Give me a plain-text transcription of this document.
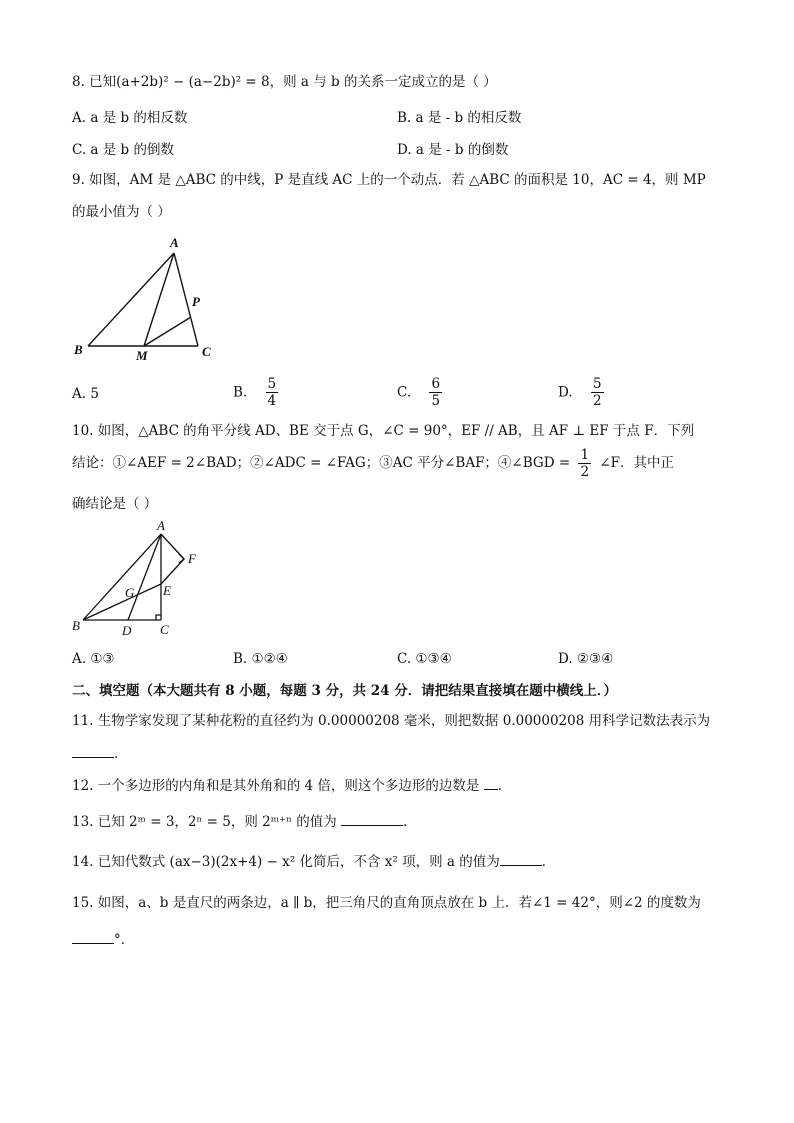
8. 已知(a+2b)² − (a−2b)² = 8，则 a 与 b 的关系一定成立的是（ ）
A. a 是 b 的相反数	B. a 是 - b 的相反数
C. a 是 b 的倒数	D. a 是 - b 的倒数
9. 如图，AM 是 △ABC 的中线，P 是直线 AC 上的一个动点．若 △ABC 的面积是 10，AC = 4，则 MP
的最小值为（ ）
A
B	C
M
P
A. 5	B. $\frac{5}{4}$	C. $\frac{6}{5}$	D. $\frac{5}{2}$
10. 如图，△ABC 的角平分线 AD、BE 交于点 G，∠C = 90°，EF // AB，且 AF ⊥ EF 于点 F．下列
结论：①∠AEF = 2∠BAD；②∠ADC = ∠FAG；③AC 平分∠BAF；④∠BGD = $\frac{1}{2}$ ∠F．其中正
确结论是（ ）
A
B	C
D
E
F
G
A. ①③	B. ①②④	C. ①③④	D. ②③④
二、填空题（本大题共有 8 小题，每题 3 分，共 24 分．请把结果直接填在题中横线上．）
11. 生物学家发现了某种花粉的直径约为 0.00000208 毫米，则把数据 0.00000208 用科学记数法表示为
．
12. 一个多边形的内角和是其外角和的 4 倍，则这个多边形的边数是 ．
13. 已知 2ᵐ = 3，2ⁿ = 5，则 2ᵐ⁺ⁿ 的值为	．
14. 已知代数式 (ax−3)(2x+4) − x² 化简后，不含 x² 项，则 a 的值为	．
15. 如图，a、b 是直尺的两条边，a ∥ b，把三角尺的直角顶点放在 b 上．若∠1 = 42°，则∠2 的度数为
°．
